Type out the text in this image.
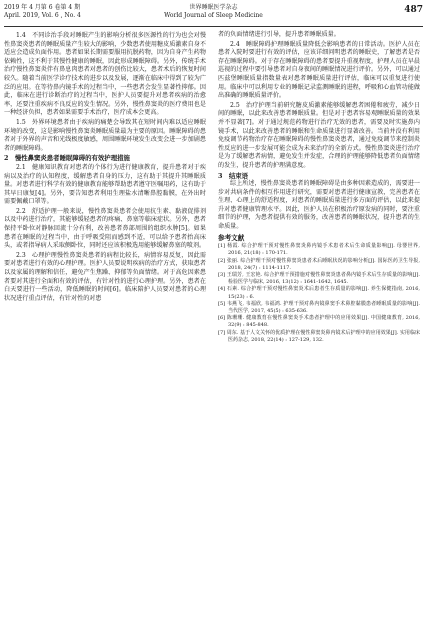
2019 年 4 月第 6 卷第 4 期
April. 2019, Vol. 6 , No. 4
世界睡眠医学杂志
World Journal of Sleep Medicine
487

1.4　不同诊治手段对睡眠产生的影响分析很多医源性的行为也会对慢性鼻窦炎患者的睡眠质量产生较大的影响，少数患者使用糖皮质激素自身不适应会造成负面作用。患者如果长期需要服用抗脱药物，因为自身产生药物依赖性，这不利于其慢性健康的睡眠，因此形成睡眠障碍。另外，传统手术治疗慢性鼻窦炎伴有鼻息肉患者对患者的创伤比较大，患者术后的恢复时间较久。随着当前医学诊疗技术的进步以及发展，逐渐在临床中得到了较为广泛的应用。在等待鼻内镜手术的过程当中，一些患者会发生显著性抑郁。因此，临床在进行诊断治疗的过程当中，医护人员要提升对患者疾病的治愈率，还要注重疾病不良反应的发生情况。另外，慢性鼻窦炎的医疗费用也是一种经济负担，患者如果需要手术治疗，医疗成本会更高。

1.5　外界环境患者由于疾病的痛楚会导致其在短时间内难以适应睡眠环境的改变，这是影响慢性鼻窦炎睡眠质量最为主要的原因。睡眠障碍的患者对于外界的声音和光线极度敏感，周围睡眠环境发生改变会进一步加剧患者的睡眠障碍。

2　慢性鼻窦炎患者睡眠障碍的有效护理措施

2.1　健康知识教育对患者的个体行为进行健康教育，提升患者对于疾病以及治疗的认知程度，缓解患者自身的压力，这有助于其提升其睡眠质量。对患者进行科学有效的健康教育能够帮助患者遵守医嘱用药，这有助于其早日康复[4]。另外，要告知患者利用生理盐水清晰鼻腔黏膜，在外出时需要佩戴口罩等。

2.2　舒适护理一般来说，慢性鼻窦炎患者会使用抗生素、黏液促排剂以及中药进行治疗，其能够缓轻患者的疼痛、鼻塞等临床症状。另外，患者保持平卧位对静脉回流十分有利，改善患者鼻部周围的组织水肿[5]。如果患者在睡眠的过程当中，由于呼吸受阻而感到不适，可以给予患者抬高床头，或者指导病人采取侧卧位，同时还应该积极选用能够缓解鼻塞的喷剂。

2.3　心理护理慢性鼻窦炎患者的病程比较长，病情容易反复，因此需要对患者进行有效的心理护理。医护人员要说明疾病的治疗方式，获取患者以及家属的理解和信任，避免产生焦躁、抑郁等负面情绪。对于高危因素患者要对其进行全面和有效的评估，有针对性的进行心理护理。另外，患者在白天要进行一些活动，降低睡眠的时间[6]。临床陪护人员要对患者的心理状况进行重点评估，有针对性的对患

者的负面情绪进行引导，提升患者睡眠质量。

2.4　睡眠障碍护理睡眠质量降低会影响患者的日常活动。医护人员在患者入院时要进行有效的评估，应该详细问明患者的睡眠史，了解患者是否存在睡眠障碍。对于存在睡眠障碍的患者要提升重视程度，护理人员在早晨巡视的过程中要引导患者对自身夜间的睡眠情况进行评价。另外，可以通过匹兹堡睡眠质量指数量表对患者睡眠质量进行评估，临床可以重复进行使用。临床中可以利用专业的睡眠记录监测睡眠的进程，呼吸和心血管功能做出准确的睡眠质量评价。

2.5　治疗护理当前研究糖皮质激素能够缓解患者困倦和疲劳，减少日间的睡眠，以此来改善患者睡眠质量。但是对于患者容易观睡眠质量的效果并不显著[7]。对于通过规范药物进行治疗无效的患者，需要及时实施鼻内镜手术，以此来改善患者的睡眠和生命质量进行显著改善。当前并没有利用免疫调节药物治疗存在睡眠障碍的慢性鼻窦炎患者，通过免疫调节来控制炎性反应的进一步发展可能会成为未来治疗的全新方式。慢性鼻窦炎进行治疗是为了缓解患者病情，避免发生并发症，合理的护理能够降低患者负面情绪的发生，提升患者的护理满意度。

3　结束语

综上所述，慢性鼻窦炎患者的睡眠障碍是由多种因素造成的，需要进一步对共病条件的相互作用进行研究，需要对患者进行健康宣教，完善患者在生理、心理上的舒适程度，对患者的睡眠质量进行多方面的评估，以此来提升对患者健康管理水平。因此，医护人员在积极治疗原发病的同时，要注重细节的护理，为患者提供有效的服务，改善患者的睡眠状况，提升患者的生命质量。

参考文献

[1] 杨霞. 综合护理干预对慢性鼻窦炎鼻内镜手术患者术后生命质量影响[J]. 母婴世界, 2016, 21(18) : 170-171.

[2] 张丽. 综合护理干预对慢性鼻窦炎患者术后睡眠状况的影响分析[J]. 国际医药卫生导报, 2018, 24(7) : 1114-1117.

[3] 王瑞芳, 王宏艳. 综合护理干预措施对慢性鼻窦炎患者鼻内镜手术后生存质量的影响[J]. 检验医学与临床, 2016, 13(12) : 1641-1642, 1645.

[4] 石素. 综合护理干预对慢性鼻窦炎术后患者生存质量的影响[J]. 养生保健指南, 2016, 15(23) : 6.

[5] 韦燕飞, 韦福欣, 韦福鸿. 护理干预对鼻内镜鼻窦手术鼻腔黏膜患者睡眠质量的影响[J]. 当代医学, 2017, 45(5) : 635-636.

[6] 陈珊珊. 健康教育在慢性鼻窦炎手术患者护理中的应用效果[J]. 中国健康教育, 2016, 32(9) : 845-848.

[7] 周东. 基于人文关怀的优质护理在慢性鼻窦炎鼻内镜术后护理中的应用效果[J]. 实用临床医药杂志, 2018, 22(14) : 127-129, 132.
